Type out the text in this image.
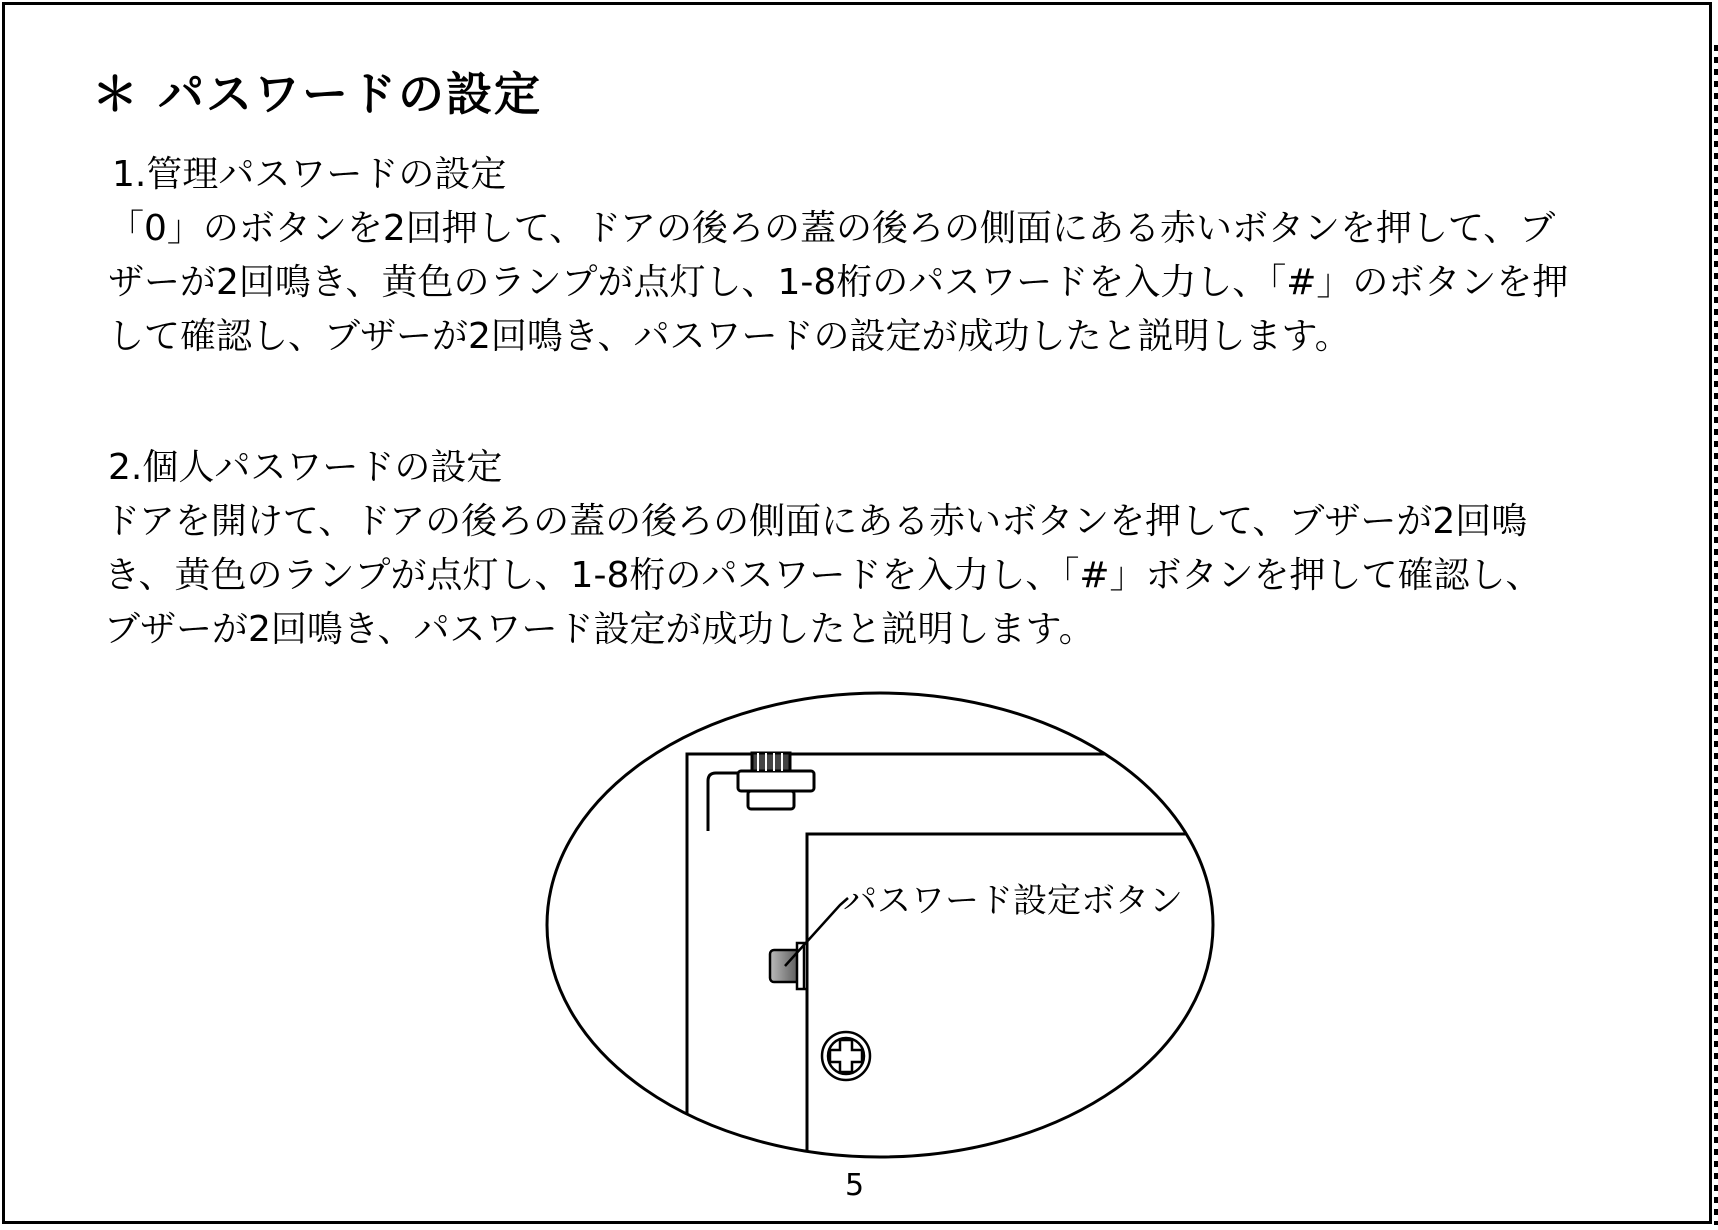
＊ パスワードの設定

1.管理パスワードの設定

「0」のボタンを2回押して、ドアの後ろの蓋の後ろの側面にある赤いボタンを押して、ブザーが2回鳴き、黄色のランプが点灯し、1-8桁のパスワードを入力し、「#」のボタンを押して確認し、ブザーが2回鳴き、パスワードの設定が成功したと説明します。

2.個人パスワードの設定

ドアを開けて、ドアの後ろの蓋の後ろの側面にある赤いボタンを押して、ブザーが2回鳴き、黄色のランプが点灯し、1-8桁のパスワードを入力し、「#」ボタンを押して確認し、ブザーが2回鳴き、パスワード設定が成功したと説明します。

パスワード設定ボタン
5
